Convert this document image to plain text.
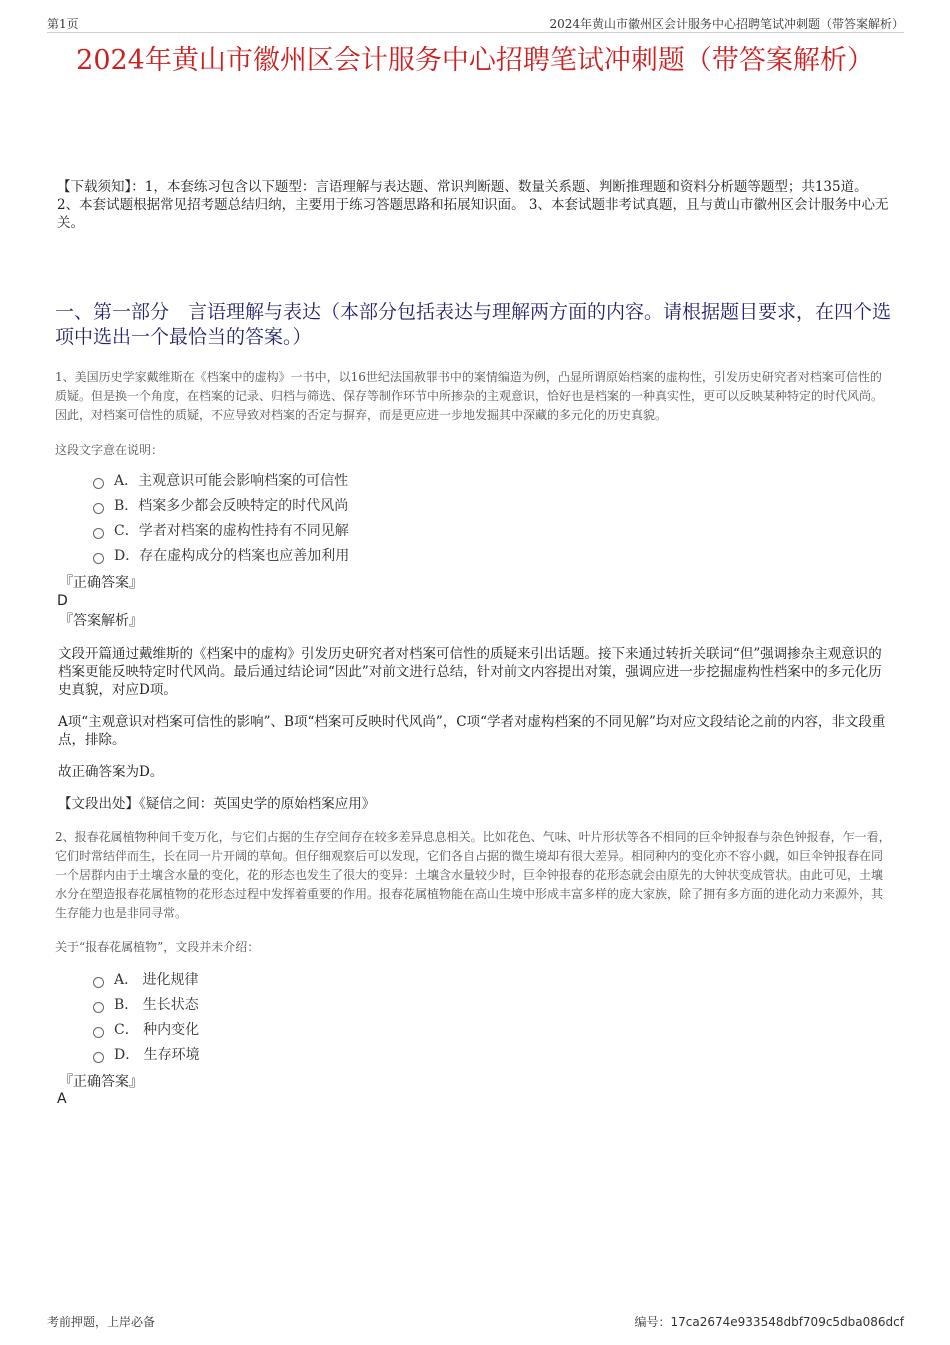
第1页	2024年黄山市徽州区会计服务中心招聘笔试冲刺题（带答案解析）
2024年黄山市徽州区会计服务中心招聘笔试冲刺题（带答案解析）
【下载须知】：1，本套练习包含以下题型：言语理解与表达题、常识判断题、数量关系题、判断推理题和资料分析题等题型；共135道。 2、本套试题根据常见招考题总结归纳，主要用于练习答题思路和拓展知识面。 3、本套试题非考试真题，且与黄山市徽州区会计服务中心无关。
一、第一部分　言语理解与表达（本部分包括表达与理解两方面的内容。请根据题目要求，在四个选项中选出一个最恰当的答案。）
1、美国历史学家戴维斯在《档案中的虚构》一书中，以16世纪法国赦罪书中的案情编造为例，凸显所谓原始档案的虚构性，引发历史研究者对档案可信性的质疑。但是换一个角度，在档案的记录、归档与筛选、保存等制作环节中所掺杂的主观意识，恰好也是档案的一种真实性，更可以反映某种特定的时代风尚。因此，对档案可信性的质疑，不应导致对档案的否定与摒弃，而是更应进一步地发掘其中深藏的多元化的历史真貌。
这段文字意在说明：
A．主观意识可能会影响档案的可信性
B．档案多少都会反映特定的时代风尚
C．学者对档案的虚构性持有不同见解
D．存在虚构成分的档案也应善加利用
『正确答案』
D
『答案解析』
文段开篇通过戴维斯的《档案中的虚构》引发历史研究者对档案可信性的质疑来引出话题。接下来通过转折关联词“但”强调掺杂主观意识的档案更能反映特定时代风尚。最后通过结论词“因此”对前文进行总结，针对前文内容提出对策，强调应进一步挖掘虚构性档案中的多元化历史真貌，对应D项。
A项“主观意识对档案可信性的影响”、B项“档案可反映时代风尚”，C项“学者对虚构档案的不同见解”均对应文段结论之前的内容，非文段重点，排除。
故正确答案为D。
【文段出处】《疑信之间：英国史学的原始档案应用》
2、报春花属植物种间千变万化，与它们占据的生存空间存在较多差异息息相关。比如花色、气味、叶片形状等各不相同的巨伞钟报春与杂色钟报春，乍一看，它们时常结伴而生，长在同一片开阔的草甸。但仔细观察后可以发现，它们各自占据的微生境却有很大差异。相同种内的变化亦不容小觑，如巨伞钟报春在同一个居群内由于土壤含水量的变化，花的形态也发生了很大的变异：土壤含水量较少时，巨伞钟报春的花形态就会由原先的大钟状变成管状。由此可见，土壤水分在塑造报春花属植物的花形态过程中发挥着重要的作用。报春花属植物能在高山生境中形成丰富多样的庞大家族，除了拥有多方面的进化动力来源外，其生存能力也是非同寻常。
关于“报春花属植物”，文段并未介绍：
A． 进化规律
B． 生长状态
C． 种内变化
D． 生存环境
『正确答案』
A
考前押题，上岸必备	编号：17ca2674e933548dbf709c5dba086dcf
